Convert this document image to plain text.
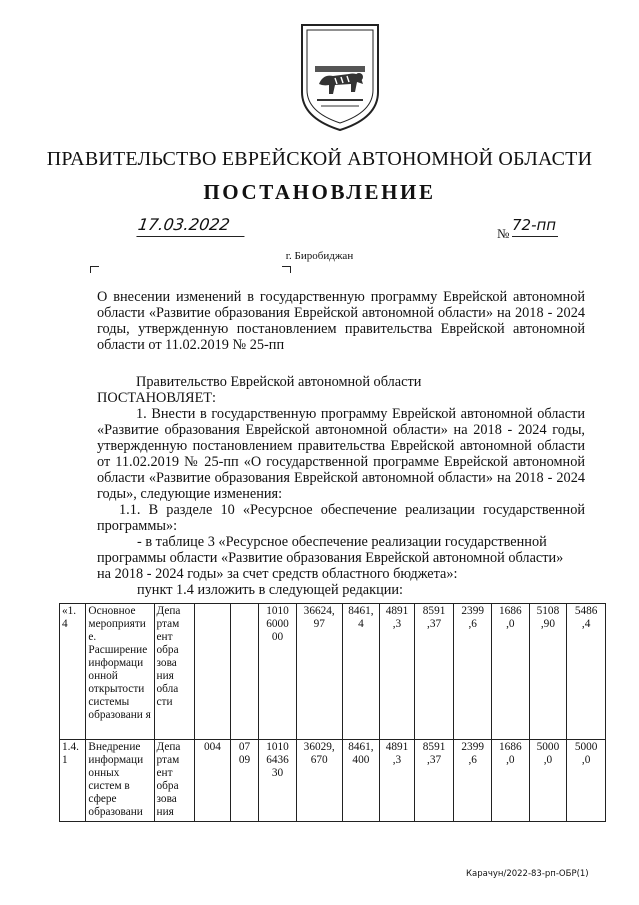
ПРАВИТЕЛЬСТВО ЕВРЕЙСКОЙ АВТОНОМНОЙ ОБЛАСТИ
ПОСТАНОВЛЕНИЕ
17.03.2022	№ 72-пп
г. Биробиджан
О внесении изменений в государственную программу Еврейской автономной области «Развитие образования Еврейской автономной области» на 2018 - 2024 годы, утвержденную постановлением правительства Еврейской автономной области от 11.02.2019 № 25-пп

Правительство Еврейской автономной области

ПОСТАНОВЛЯЕТ:

1. Внести в государственную программу Еврейской автономной области «Развитие образования Еврейской автономной области» на 2018 - 2024 годы, утвержденную постановлением правительства Еврейской автономной области от 11.02.2019 № 25-пп «О государственной программе Еврейской автономной области «Развитие образования Еврейской автономной области» на 2018 - 2024 годы», следующие изменения:

1.1. В разделе 10 «Ресурсное обеспечение реализации государственной программы»:

- в таблице 3 «Ресурсное обеспечение реализации государственной

программы области «Развитие образования Еврейской автономной области»

на 2018 - 2024 годы» за счет средств областного бюджета»:

пункт 1.4 изложить в следующей редакции:

«1. 4	Основное мероприяти е. Расширение информаци онной открытости системы образовани я	Депа ртам ент обра зова ния обла сти			1010 6000 00	36624, 97	8461, 4	4891 ,3	8591 ,37	2399 ,6	1686 ,0	5108 ,90	5486 ,4
1.4. 1	Внедрение информаци онных систем в сфере образовани	Депа ртам ент обра зова ния	004	07 09	1010 6436 30	36029, 670	8461, 400	4891 ,3	8591 ,37	2399 ,6	1686 ,0	5000 ,0	5000 ,0
Карачун/2022-83-pп-ОБР(1)
